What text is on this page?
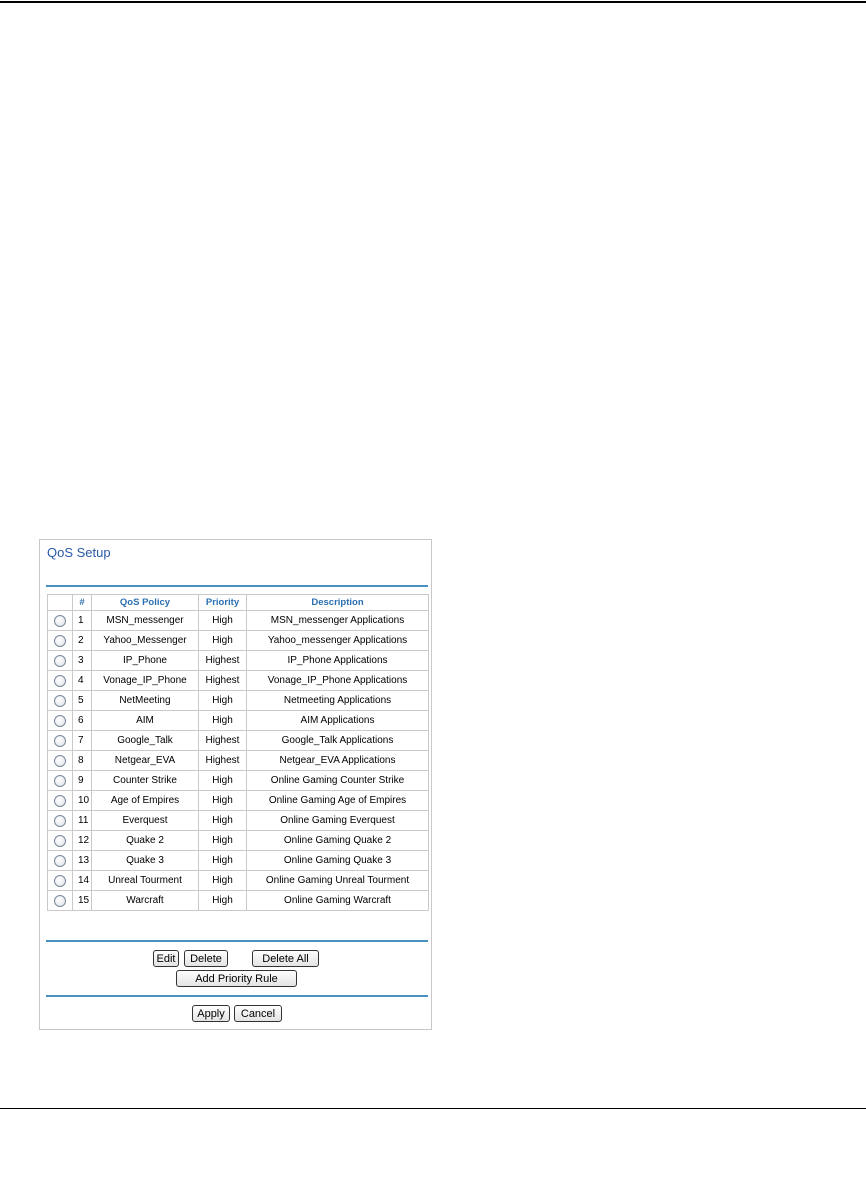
QoS Setup
	#	QoS Policy	Priority	Description
	1	MSN_messenger	High	MSN_messenger Applications
	2	Yahoo_Messenger	High	Yahoo_messenger Applications
	3	IP_Phone	Highest	IP_Phone Applications
	4	Vonage_IP_Phone	Highest	Vonage_IP_Phone Applications
	5	NetMeeting	High	Netmeeting Applications
	6	AIM	High	AIM Applications
	7	Google_Talk	Highest	Google_Talk Applications
	8	Netgear_EVA	Highest	Netgear_EVA Applications
	9	Counter Strike	High	Online Gaming Counter Strike
	10	Age of Empires	High	Online Gaming Age of Empires
	11	Everquest	High	Online Gaming Everquest
	12	Quake 2	High	Online Gaming Quake 2
	13	Quake 3	High	Online Gaming Quake 3
	14	Unreal Tourment	High	Online Gaming Unreal Tourment
	15	Warcraft	High	Online Gaming Warcraft
Edit	Delete	Delete All
Add Priority Rule
Apply	Cancel
